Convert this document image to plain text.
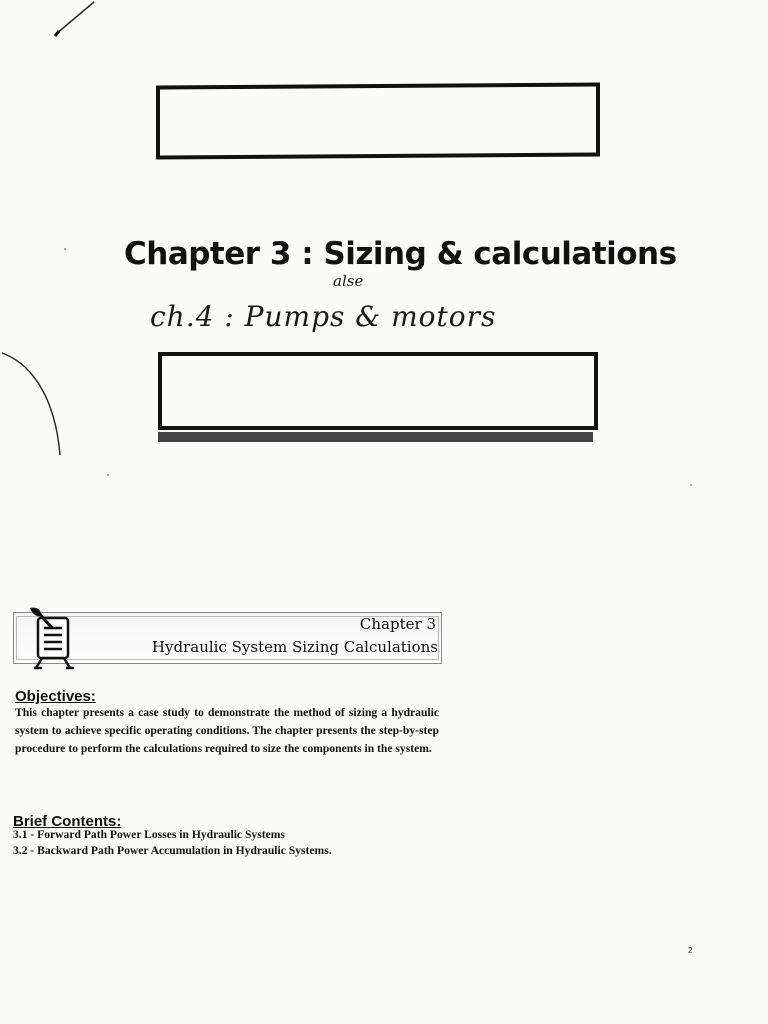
Chapter 3 : Sizing & calculations
alse
ch.4 : Pumps & motors
Chapter 3
Hydraulic System Sizing Calculations
Objectives:
This chapter presents a case study to demonstrate the method of sizing a hydraulic system to achieve specific operating conditions. The chapter presents the step-by-step procedure to perform the calculations required to size the components in the system.
Brief Contents:
3.1 - Forward Path Power Losses in Hydraulic Systems
3.2 - Backward Path Power Accumulation in Hydraulic Systems.
2
